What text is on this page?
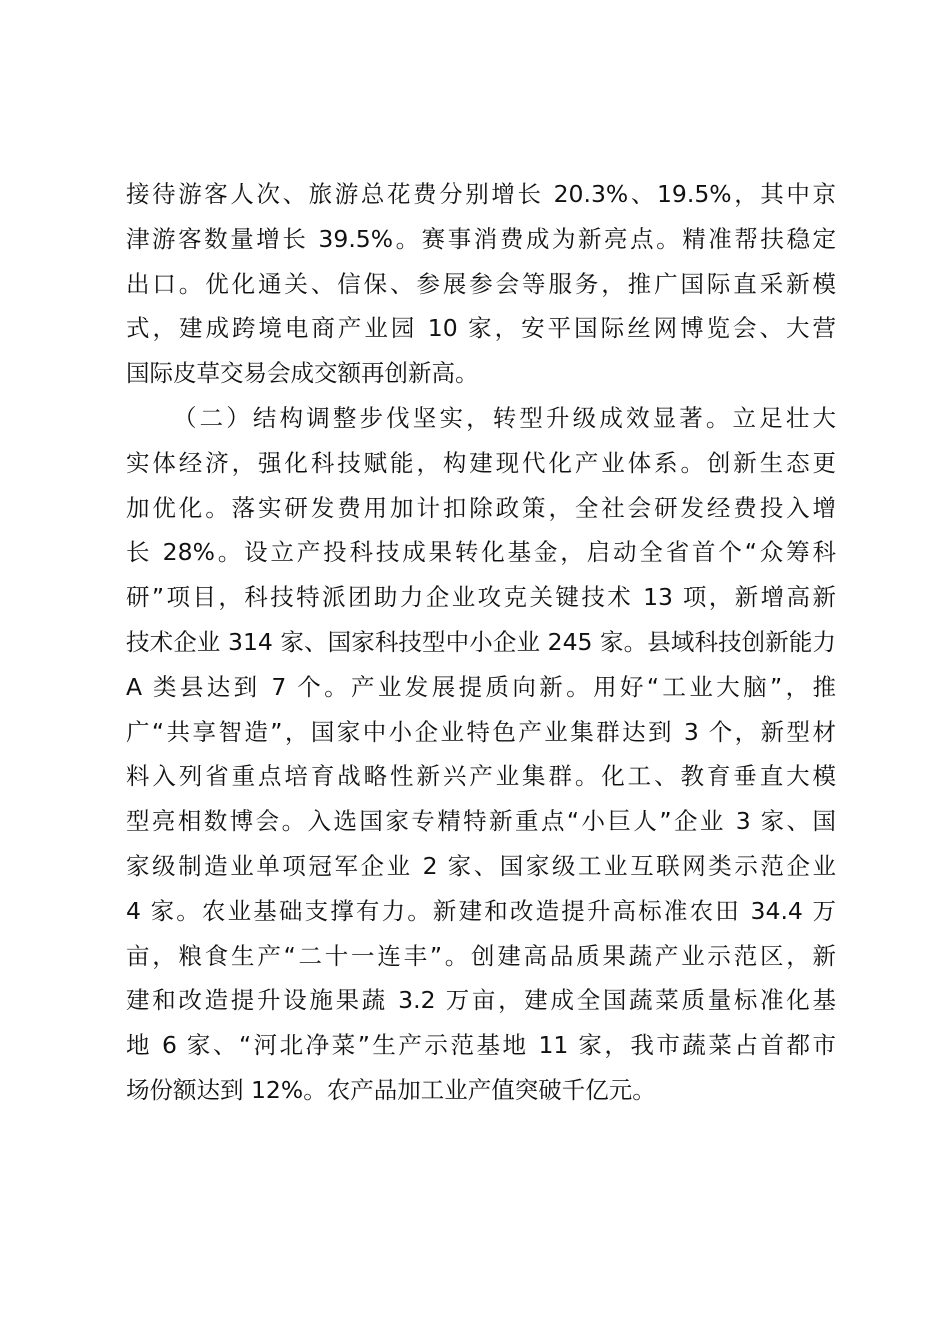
接待游客人次、旅游总花费分别增长 20.3%、19.5%，其中京
津游客数量增长 39.5%。赛事消费成为新亮点。精准帮扶稳定
出口。优化通关、信保、参展参会等服务，推广国际直采新模
式，建成跨境电商产业园 10 家，安平国际丝网博览会、大营
国际皮草交易会成交额再创新高。
（二）结构调整步伐坚实，转型升级成效显著。立足壮大
实体经济，强化科技赋能，构建现代化产业体系。创新生态更
加优化。落实研发费用加计扣除政策，全社会研发经费投入增
长 28%。设立产投科技成果转化基金，启动全省首个“众筹科
研”项目，科技特派团助力企业攻克关键技术 13 项，新增高新
技术企业 314 家、国家科技型中小企业 245 家。县域科技创新能力
A 类县达到 7 个。产业发展提质向新。用好“工业大脑”，推
广“共享智造”，国家中小企业特色产业集群达到 3 个，新型材
料入列省重点培育战略性新兴产业集群。化工、教育垂直大模
型亮相数博会。入选国家专精特新重点“小巨人”企业 3 家、国
家级制造业单项冠军企业 2 家、国家级工业互联网类示范企业
4 家。农业基础支撑有力。新建和改造提升高标准农田 34.4 万
亩，粮食生产“二十一连丰”。创建高品质果蔬产业示范区，新
建和改造提升设施果蔬 3.2 万亩，建成全国蔬菜质量标准化基
地 6 家、“河北净菜”生产示范基地 11 家，我市蔬菜占首都市
场份额达到 12%。农产品加工业产值突破千亿元。
